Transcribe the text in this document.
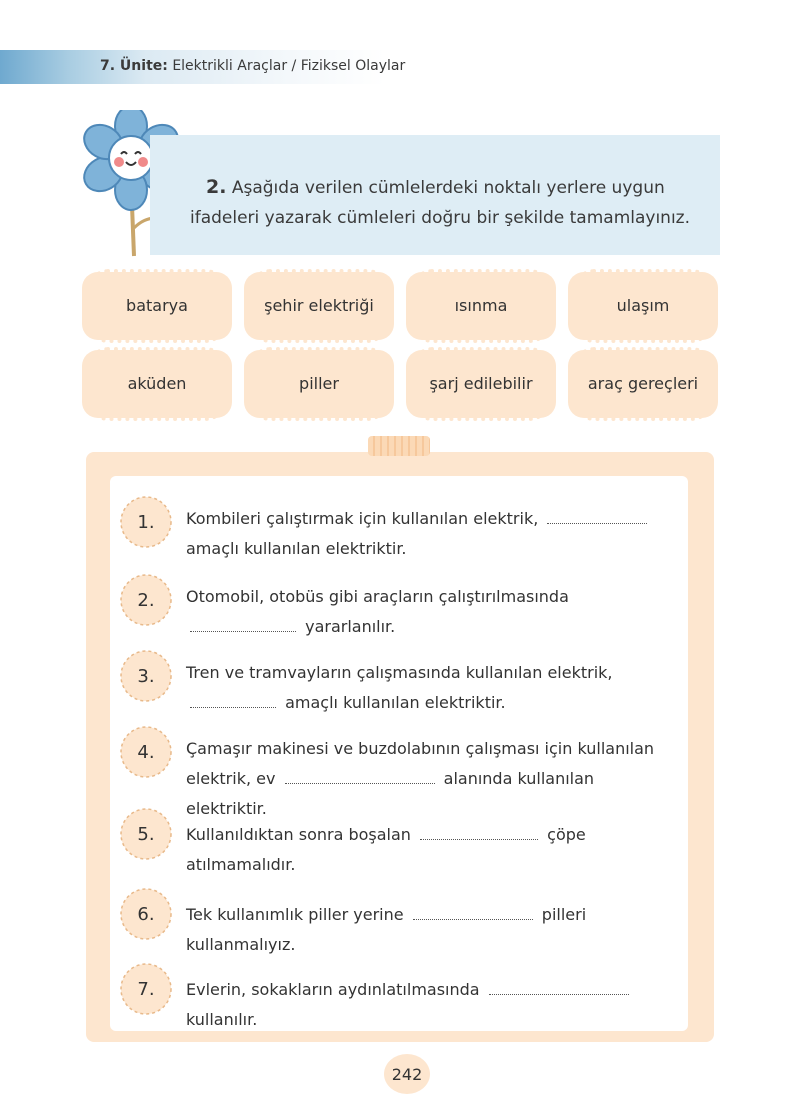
7. Ünite: Elektrikli Araçlar / Fiziksel Olaylar
2. Aşağıda verilen cümlelerdeki noktalı yerlere uygun ifadeleri yazarak cümleleri doğru bir şekilde tamamlayınız.
batarya	şehir elektriği	ısınma	ulaşım
aküden	piller	şarj edilebilir	araç gereçleri
1.	Kombileri çalıştırmak için kullanılan elektrik, amaçlı kullanılan elektriktir.
2.	Otomobil, otobüs gibi araçların çalıştırılmasında  yararlanılır.
3.	Tren ve tramvayların çalışmasında kullanılan elektrik,  amaçlı kullanılan elektriktir.
4.	Çamaşır makinesi ve buzdolabının çalışması için kullanılan elektrik, ev	alanında kullanılan elektriktir.
5.	Kullanıldıktan sonra boşalan	çöpe atılmamalıdır.
6.	Tek kullanımlık piller yerine	pilleri kullanmalıyız.
7.	Evlerin, sokakların aydınlatılmasında  kullanılır.
242
